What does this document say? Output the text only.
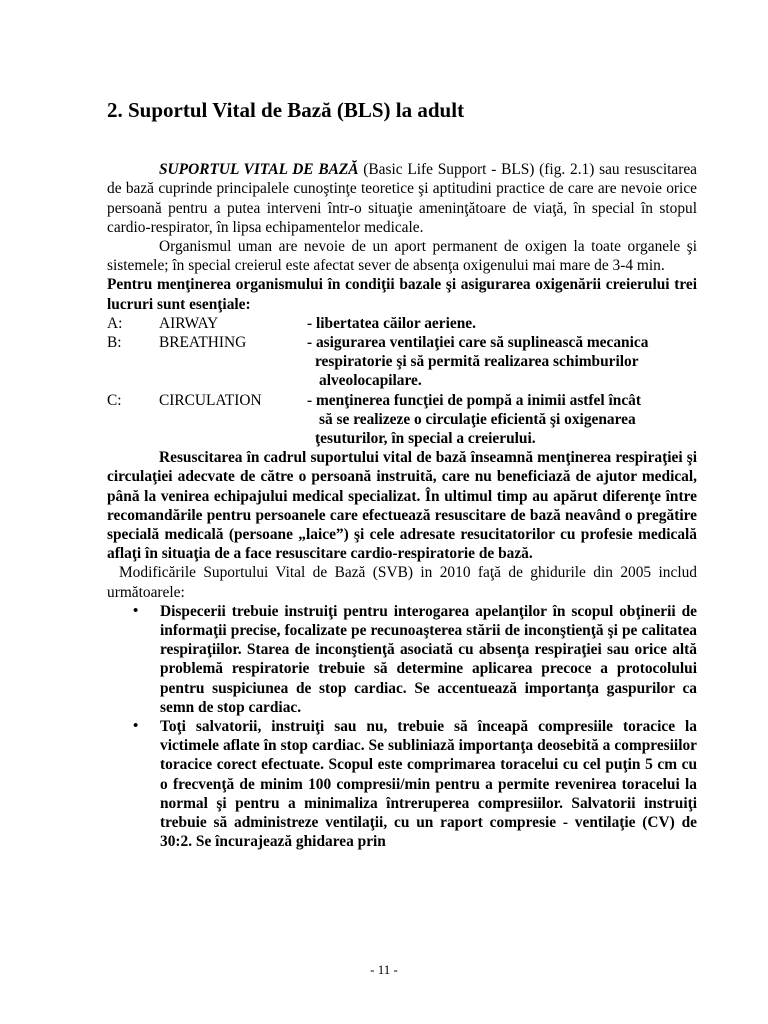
2. Suportul Vital de Bază (BLS) la adult

SUPORTUL VITAL DE BAZĂ (Basic Life Support - BLS) (fig. 2.1) sau resuscitarea de bază cuprinde principalele cunoştinţe teoretice şi aptitudini practice de care are nevoie orice persoană pentru a putea interveni într-o situaţie ameninţătoare de viaţă, în special în stopul cardio-respirator, în lipsa echipamentelor medicale.

Organismul uman are nevoie de un aport permanent de oxigen la toate organele şi sistemele; în special creierul este afectat sever de absenţa oxigenului mai mare de 3-4 min.

Pentru menţinerea organismului în condiţii bazale şi asigurarea oxigenării creierului trei lucruri sunt esenţiale:

A:	AIRWAY	- libertatea căilor aeriene.
B:	BREATHING	- asigurarea ventilaţiei care să suplinească mecanica
respiratorie şi să permită realizarea schimburilor
alveolocapilare.
C:	CIRCULATION	- menţinerea funcţiei de pompă a inimii astfel încât
să se realizeze o circulaţie eficientă şi oxigenarea
ţesuturilor, în special a creierului.

Resuscitarea în cadrul suportului vital de bază înseamnă menţinerea respiraţiei şi circulaţiei adecvate de către o persoană instruită, care nu beneficiază de ajutor medical, până la venirea echipajului medical specializat. În ultimul timp au apărut diferenţe între recomandările pentru persoanele care efectuează resuscitare de bază neavând o pregătire specială medicală (persoane „laice”) şi cele adresate resucitatorilor cu profesie medicală aflaţi în situaţia de a face resuscitare cardio-respiratorie de bază.

Modificările Suportului Vital de Bază (SVB) in 2010 faţă de ghidurile din 2005 includ următoarele:

• Dispecerii trebuie instruiţi pentru interogarea apelanţilor în scopul obţinerii de informaţii precise, focalizate pe recunoaşterea stării de inconştienţă şi pe calitatea respiraţiilor. Starea de inconştienţă asociată cu absenţa respiraţiei sau orice altă problemă respiratorie trebuie să determine aplicarea precoce a protocolului pentru suspiciunea de stop cardiac. Se accentuează importanţa gaspurilor ca semn de stop cardiac.
• Toţi salvatorii, instruiţi sau nu, trebuie să înceapă compresiile toracice la victimele aflate în stop cardiac. Se subliniază importanţa deosebită a compresiilor toracice corect efectuate. Scopul este comprimarea toracelui cu cel puţin 5 cm cu o frecvenţă de minim 100 compresii/min pentru a permite revenirea toracelui la normal şi pentru a minimaliza întreruperea compresiilor. Salvatorii instruiţi trebuie să administreze ventilaţii, cu un raport compresie - ventilaţie (CV) de 30:2. Se încurajează ghidarea prin
- 11 -
